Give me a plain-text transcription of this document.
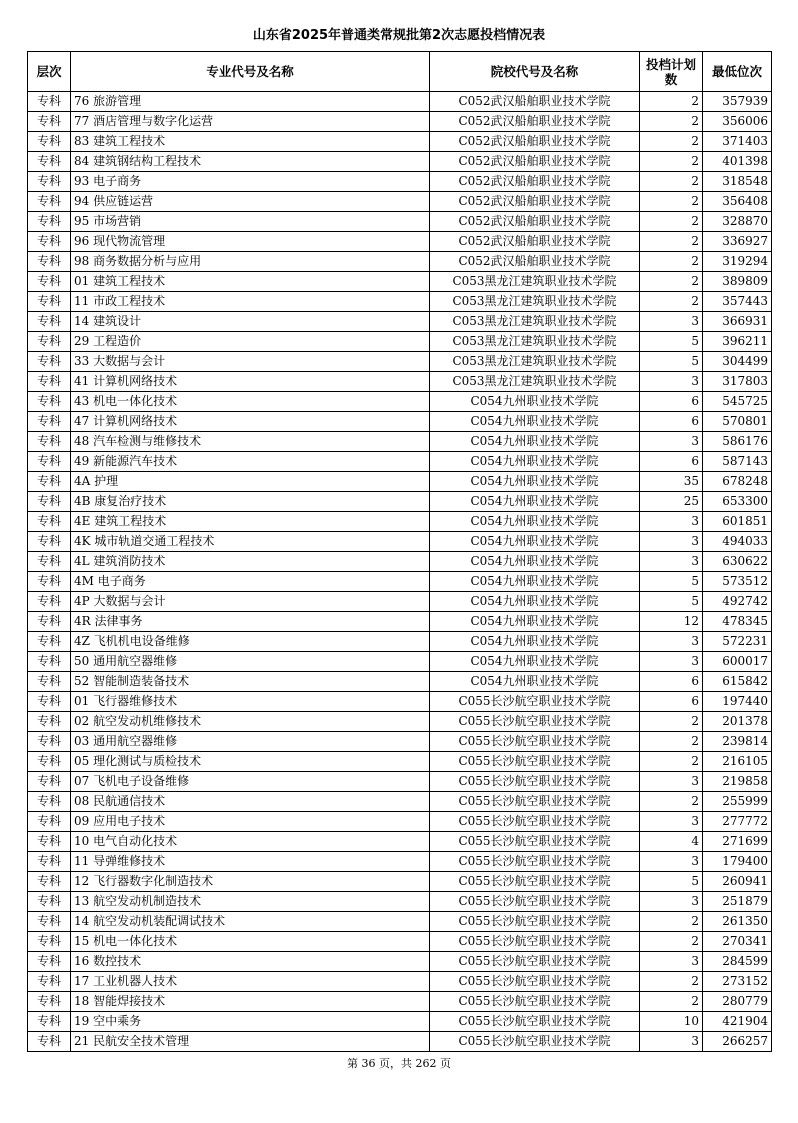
山东省2025年普通类常规批第2次志愿投档情况表
层次	专业代号及名称	院校代号及名称	投档计划数	最低位次
专科	76 旅游管理	C052武汉船舶职业技术学院	2	357939
专科	77 酒店管理与数字化运营	C052武汉船舶职业技术学院	2	356006
专科	83 建筑工程技术	C052武汉船舶职业技术学院	2	371403
专科	84 建筑钢结构工程技术	C052武汉船舶职业技术学院	2	401398
专科	93 电子商务	C052武汉船舶职业技术学院	2	318548
专科	94 供应链运营	C052武汉船舶职业技术学院	2	356408
专科	95 市场营销	C052武汉船舶职业技术学院	2	328870
专科	96 现代物流管理	C052武汉船舶职业技术学院	2	336927
专科	98 商务数据分析与应用	C052武汉船舶职业技术学院	2	319294
专科	01 建筑工程技术	C053黑龙江建筑职业技术学院	2	389809
专科	11 市政工程技术	C053黑龙江建筑职业技术学院	2	357443
专科	14 建筑设计	C053黑龙江建筑职业技术学院	3	366931
专科	29 工程造价	C053黑龙江建筑职业技术学院	5	396211
专科	33 大数据与会计	C053黑龙江建筑职业技术学院	5	304499
专科	41 计算机网络技术	C053黑龙江建筑职业技术学院	3	317803
专科	43 机电一体化技术	C054九州职业技术学院	6	545725
专科	47 计算机网络技术	C054九州职业技术学院	6	570801
专科	48 汽车检测与维修技术	C054九州职业技术学院	3	586176
专科	49 新能源汽车技术	C054九州职业技术学院	6	587143
专科	4A 护理	C054九州职业技术学院	35	678248
专科	4B 康复治疗技术	C054九州职业技术学院	25	653300
专科	4E 建筑工程技术	C054九州职业技术学院	3	601851
专科	4K 城市轨道交通工程技术	C054九州职业技术学院	3	494033
专科	4L 建筑消防技术	C054九州职业技术学院	3	630622
专科	4M 电子商务	C054九州职业技术学院	5	573512
专科	4P 大数据与会计	C054九州职业技术学院	5	492742
专科	4R 法律事务	C054九州职业技术学院	12	478345
专科	4Z 飞机机电设备维修	C054九州职业技术学院	3	572231
专科	50 通用航空器维修	C054九州职业技术学院	3	600017
专科	52 智能制造装备技术	C054九州职业技术学院	6	615842
专科	01 飞行器维修技术	C055长沙航空职业技术学院	6	197440
专科	02 航空发动机维修技术	C055长沙航空职业技术学院	2	201378
专科	03 通用航空器维修	C055长沙航空职业技术学院	2	239814
专科	05 理化测试与质检技术	C055长沙航空职业技术学院	2	216105
专科	07 飞机电子设备维修	C055长沙航空职业技术学院	3	219858
专科	08 民航通信技术	C055长沙航空职业技术学院	2	255999
专科	09 应用电子技术	C055长沙航空职业技术学院	3	277772
专科	10 电气自动化技术	C055长沙航空职业技术学院	4	271699
专科	11 导弹维修技术	C055长沙航空职业技术学院	3	179400
专科	12 飞行器数字化制造技术	C055长沙航空职业技术学院	5	260941
专科	13 航空发动机制造技术	C055长沙航空职业技术学院	3	251879
专科	14 航空发动机装配调试技术	C055长沙航空职业技术学院	2	261350
专科	15 机电一体化技术	C055长沙航空职业技术学院	2	270341
专科	16 数控技术	C055长沙航空职业技术学院	3	284599
专科	17 工业机器人技术	C055长沙航空职业技术学院	2	273152
专科	18 智能焊接技术	C055长沙航空职业技术学院	2	280779
专科	19 空中乘务	C055长沙航空职业技术学院	10	421904
专科	21 民航安全技术管理	C055长沙航空职业技术学院	3	266257
第 36 页，共 262 页
